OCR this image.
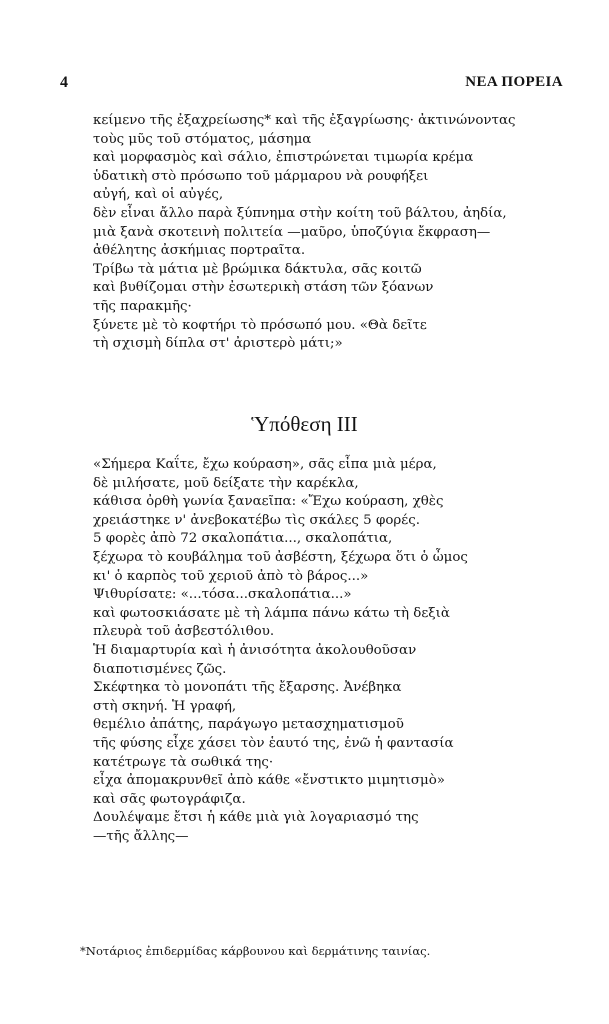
4	ΝΕΑ ΠΟΡΕΙΑ
κείμενο τῆς ἐξαχρείωσης* καὶ τῆς ἐξαγρίωσης· ἀκτινώνοντας
τοὺς μῦς τοῦ στόματος, μάσημα
καὶ μορφασμὸς καὶ σάλιο, ἐπιστρώνεται τιμωρία κρέμα
ὑδατικὴ στὸ πρόσωπο τοῦ μάρμαρου νὰ ρουφήξει
αὐγή, καὶ οἱ αὐγές,
δὲν εἶναι ἄλλο παρὰ ξύπνημα στὴν κοίτη τοῦ βάλτου, ἀηδία,
μιὰ ξανὰ σκοτεινὴ πολιτεία —μαῦρο, ὑποζύγια ἔκφραση—
ἀθέλητης ἀσκήμιας πορτραῖτα.
Τρίβω τὰ μάτια μὲ βρώμικα δάκτυλα, σᾶς κοιτῶ
καὶ βυθίζομαι στὴν ἐσωτερικὴ στάση τῶν ξόανων
τῆς παρακμῆς·
ξύνετε μὲ τὸ κοφτήρι τὸ πρόσωπό μου. «Θὰ δεῖτε
τὴ σχισμὴ δίπλα στ' ἀριστερὸ μάτι;»
Ὑπόθεση ΙΙΙ
«Σήμερα Καΐτε, ἔχω κούραση», σᾶς εἶπα μιὰ μέρα,
δὲ μιλήσατε, μοῦ δείξατε τὴν καρέκλα,
κάθισα ὀρθὴ γωνία ξαναεῖπα: «Ἔχω κούραση, χθὲς
χρειάστηκε ν' ἀνεβοκατέβω τὶς σκάλες 5 φορές.
5 φορὲς ἀπὸ 72 σκαλοπάτια..., σκαλοπάτια,
ξέχωρα τὸ κουβάλημα τοῦ ἀσβέστη, ξέχωρα ὅτι ὁ ὦμος
κι' ὁ καρπὸς τοῦ χεριοῦ ἀπὸ τὸ βάρος...»
Ψιθυρίσατε: «...τόσα...σκαλοπάτια...»
καὶ φωτοσκιάσατε μὲ τὴ λάμπα πάνω κάτω τὴ δεξιὰ
πλευρὰ τοῦ ἀσβεστόλιθου.
Ἡ διαμαρτυρία καὶ ἡ ἀνισότητα ἀκολουθοῦσαν
διαποτισμένες ζῶς.
Σκέφτηκα τὸ μονοπάτι τῆς ἔξαρσης. Ἀνέβηκα
στὴ σκηνή. Ἡ γραφή,
θεμέλιο ἀπάτης, παράγωγο μετασχηματισμοῦ
τῆς φύσης εἶχε χάσει τὸν ἑαυτό της, ἐνῶ ἡ φαντασία
κατέτρωγε τὰ σωθικά της·
εἶχα ἀπομακρυνθεῖ ἀπὸ κάθε «ἔνστικτο μιμητισμὸ»
καὶ σᾶς φωτογράφιζα.
Δουλέψαμε ἔτσι ἡ κάθε μιὰ γιὰ λογαριασμό της
—τῆς ἄλλης—
*Νοτάριος ἐπιδερμίδας κάρβουνου καὶ δερμάτινης ταινίας.
